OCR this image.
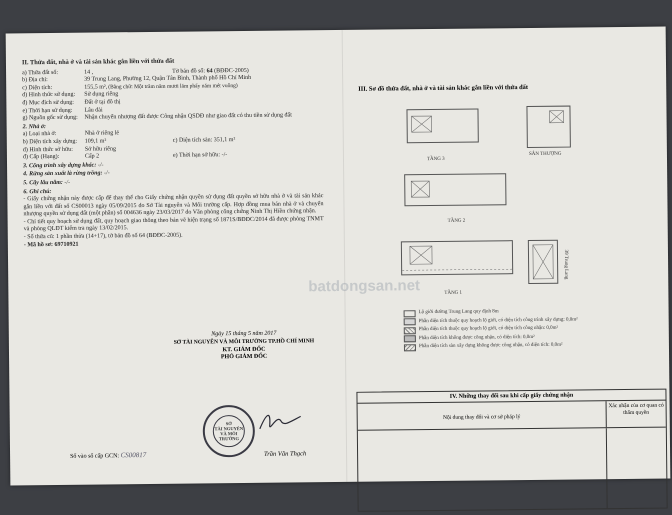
II. Thửa đất, nhà ở và tài sản khác gắn liền với thửa đất
a) Thửa đất số:	14 ,	Tờ bản đồ số: 64 (BĐĐC-2005)
b) Địa chỉ:	39 Trung Lang, Phường 12, Quận Tân Bình, Thành phố Hồ Chí Minh
c) Diện tích:	155,5 m², (Bằng chữ: Một trăm năm mươi lăm phẩy năm mét vuông)
d) Hình thức sử dụng:	Sử dụng riêng
đ) Mục đích sử dụng:	Đất ở tại đô thị
e) Thời hạn sử dụng:	Lâu dài
g) Nguồn gốc sử dụng:	Nhận chuyển nhượng đất được Công nhận QSDĐ như giao đất có thu tiền sử dụng đất
2. Nhà ở:
a) Loại nhà ở:	Nhà ở riêng lẻ
b) Diện tích xây dựng:	109,1 m²	c) Diện tích sàn: 351,1 m²
d) Hình thức sở hữu:	Sở hữu riêng
đ) Cấp (Hạng):	Cấp 2	e) Thời hạn sở hữu: -/-
3. Công trình xây dựng khác: -/-
4. Rừng sản xuất là rừng trồng: -/-
5. Cây lâu năm: -/-
6. Ghi chú:
- Giấy chứng nhận này được cấp để thay thế cho Giấy chứng nhận quyền sử dụng đất quyền sở hữu nhà ở và tài sản khác gắn liền với đất số CS00013 ngày 05/09/2015 do Sở Tài nguyên và Môi trường cấp. Hợp đồng mua bán nhà ở và chuyển nhượng quyền sử dụng đất (một phần) số 004636 ngày 23/03/2017 do Văn phòng công chứng Ninh Thị Hiền chứng nhận.
- Chỉ tiết quy hoạch sử dụng đất, quy hoạch giao thông theo bản vẽ hiện trạng số 1871S/BĐĐC/2014 đã được phòng TNMT và phòng QLĐT kiểm tra ngày 13/02/2015.
- Số thửa cũ: 1 phần thửa (14+17), tờ bản đồ số 64 (BĐĐC-2005).
- Mã hồ sơ: 69710921
Ngày 15 tháng 5 năm 2017
SỞ TÀI NGUYÊN VÀ MÔI TRƯỜNG TP.HỒ CHÍ MINH
KT. GIÁM ĐỐC
PHÓ GIÁM ĐỐC
SỞ
TÀI NGUYÊN
VÀ MÔI TRƯỜNG
Trần Văn Thạch
Số vào sổ cấp GCN: CS00817
III. Sơ đồ thửa đất, nhà ở và tài sản khác gắn liền với thửa đất
TẦNG 3
SÂN THƯỢNG
TẦNG 2
TẦNG 1
39 Trung Lang
Lộ giới đường Trung Lang quy định 8m
Phần diện tích thuộc quy hoạch lộ giới, có diện tích công trình xây dựng: 0,0m²
Phần diện tích thuộc quy hoạch lộ giới, có diện tích công nhận: 0,0m²
Phần diện tích không được công nhận, có diện tích: 0,0m²
Phần diện tích sàn xây dựng không được công nhận, có diện tích: 0,0m²
IV. Những thay đổi sau khi cấp giấy chứng nhận
Nội dung thay đổi và cơ sở pháp lý
Xác nhận của cơ quan có thẩm quyền
batdongsan.net
